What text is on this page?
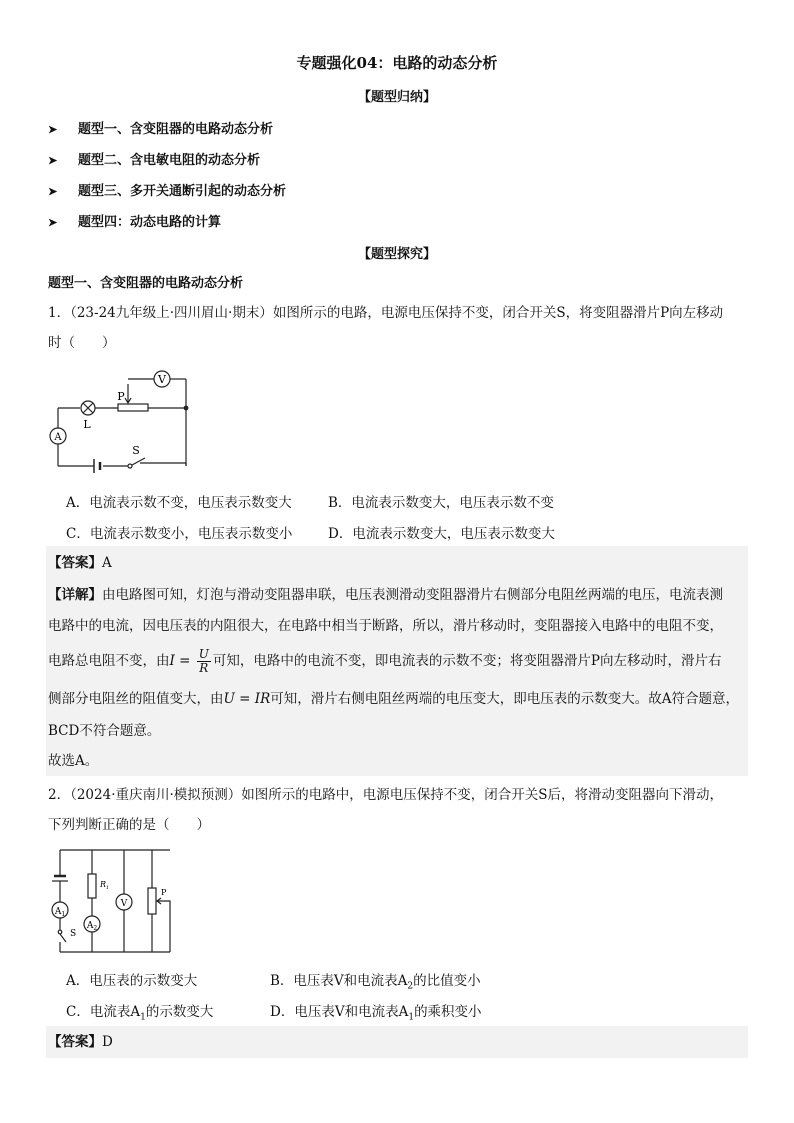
专题强化04：电路的动态分析
【题型归纳】
➤ 题型一、含变阻器的电路动态分析
➤ 题型二、含电敏电阻的动态分析
➤ 题型三、多开关通断引起的动态分析
➤ 题型四：动态电路的计算
【题型探究】
题型一、含变阻器的电路动态分析
1．（23-24九年级上·四川眉山·期末）如图所示的电路，电源电压保持不变，闭合开关S，将变阻器滑片P向左移动
时（　　）
V
P
L
A
S
A．电流表示数不变，电压表示数变大	B．电流表示数变大，电压表示数不变
C．电流表示数变小，电压表示数变小	D．电流表示数变大，电压表示数变大
【答案】A
【详解】由电路图可知，灯泡与滑动变阻器串联，电压表测滑动变阻器滑片右侧部分电阻丝两端的电压，电流表测
电路中的电流，因电压表的内阻很大，在电路中相当于断路，所以，滑片移动时，变阻器接入电路中的电阻不变，
电路总电阻不变，由$I = \frac{U}{R}$ 可知，电路中的电流不变，即电流表的示数不变；将变阻器滑片P向左移动时，滑片右
侧部分电阻丝的阻值变大，由U = IR可知，滑片右侧电阻丝两端的电压变大，即电压表的示数变大。故A符合题意，
BCD不符合题意。
故选A。
2．（2024·重庆南川·模拟预测）如图所示的电路中，电源电压保持不变，闭合开关S后，将滑动变阻器向下滑动，
下列判断正确的是（　　）
$A_1$
$A_2$
S
$R_1$
V
P
A．电压表的示数变大	B．电压表V和电流表$A_2$的比值变小
C．电流表$A_1$的示数变大	D．电压表V和电流表$A_1$的乘积变小
【答案】D
